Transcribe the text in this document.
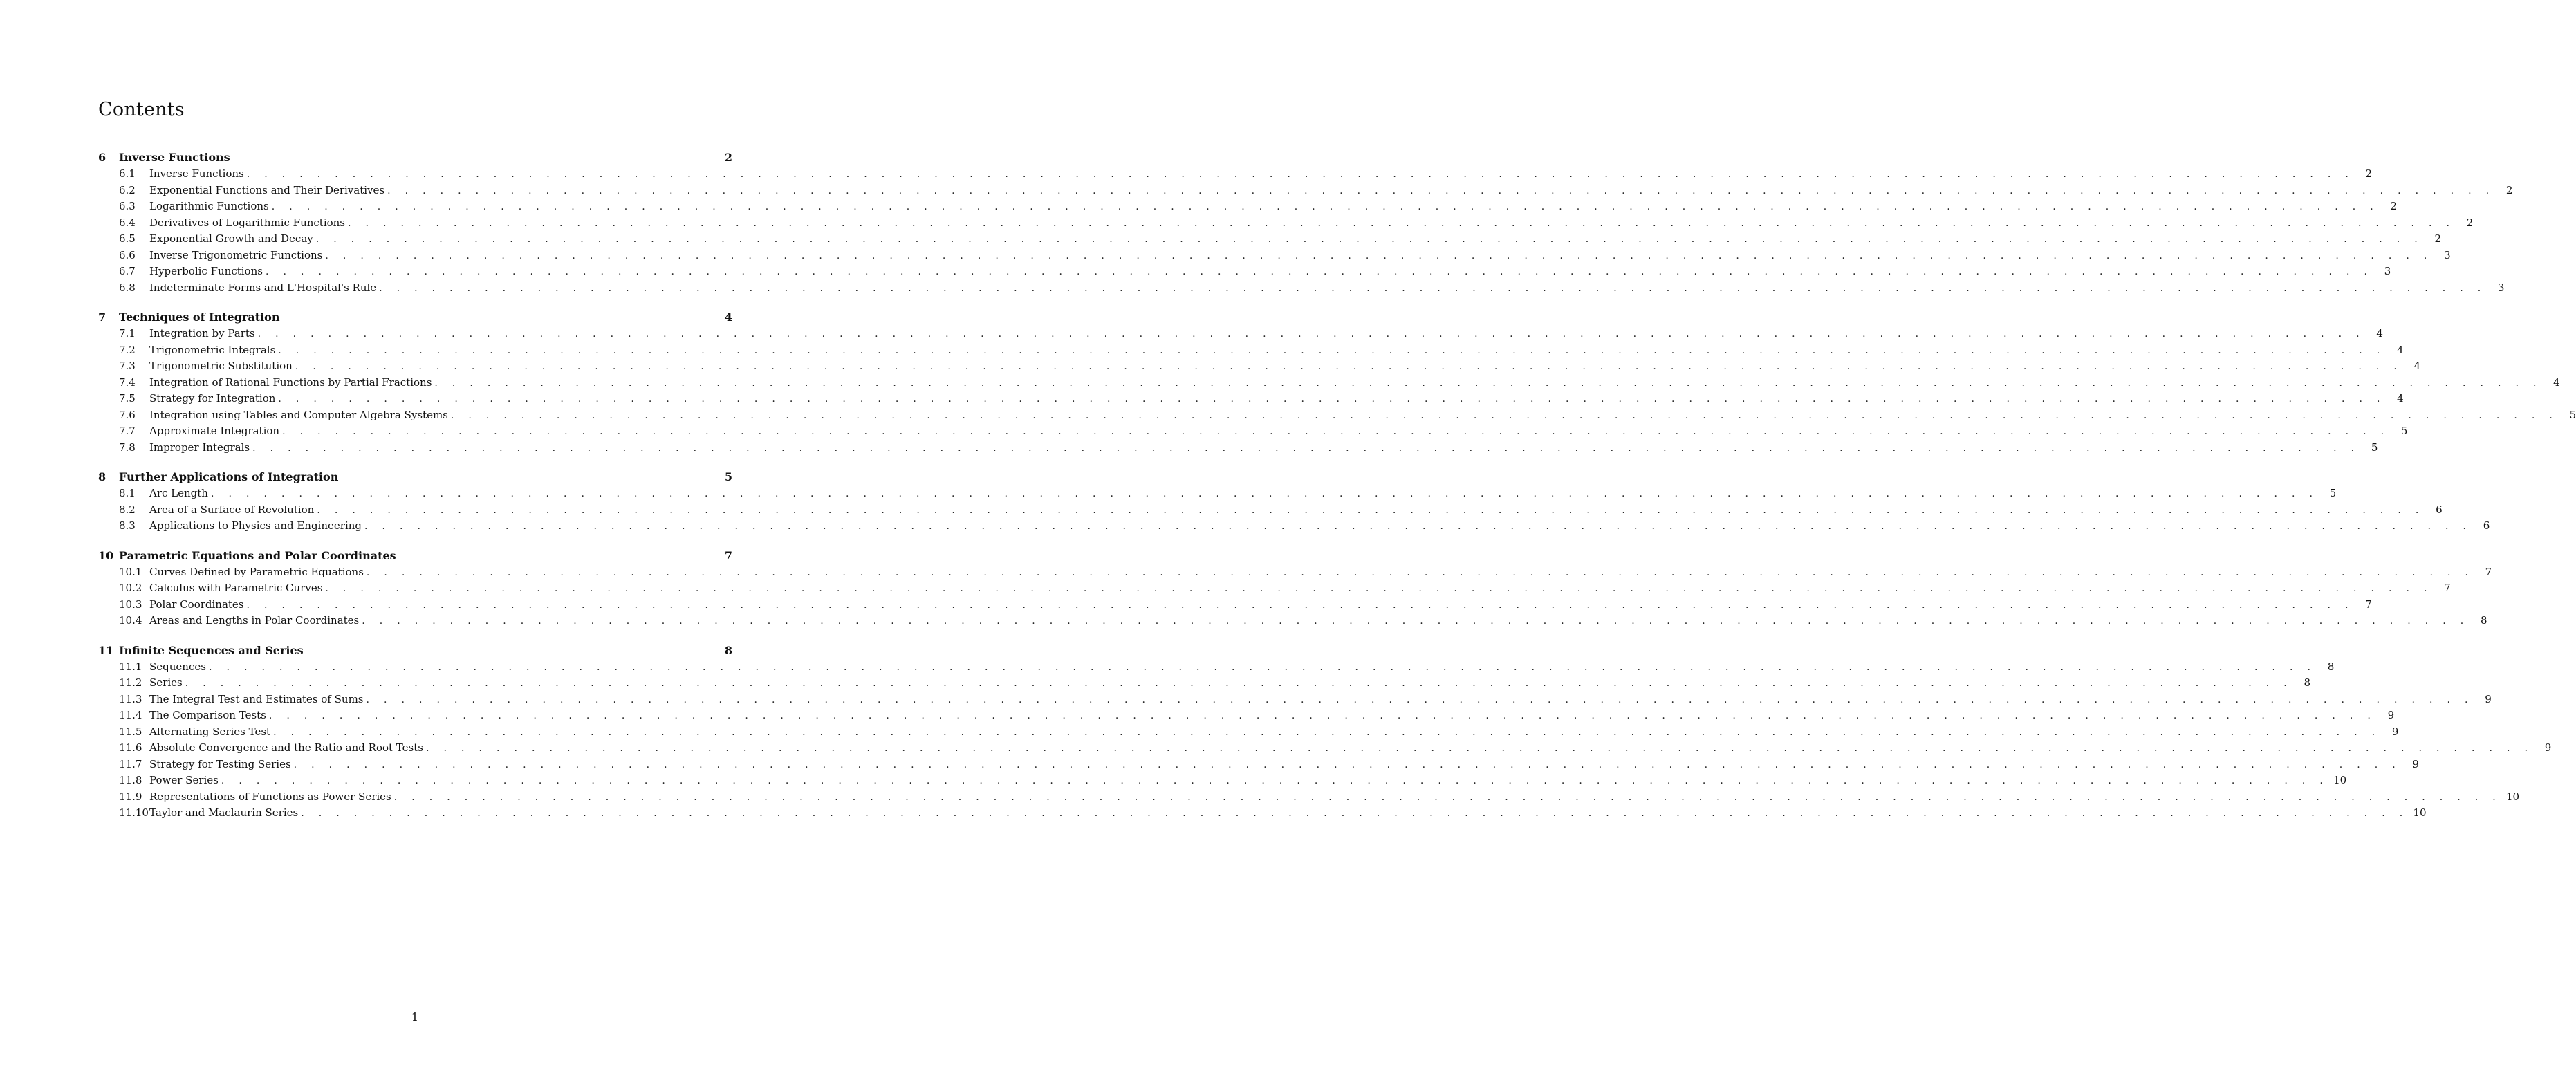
Contents
6	Inverse Functions	2
6.1	Inverse Functions . . . . . . . . . . . . . . . . . . . . . . . . . . . . . . . . . . . . . . . . . . . . . . . . . . . . . . . . . . . . . . . . . . . . . . . . . . . . . . . . . . . . . . . . . . . . . . . . . . . . . . . . . . . . . . . . . . . . . . . .	2
6.2	Exponential Functions and Their Derivatives . . . . . . . . . . . . . . . . . . . . . . . . . . . . . . . . . . . . . . . . . . . . . . . . . . . . . . . . . . . . . . . . . . . . . . . . . . . . . . . . . . . . . . . . . . . . . . . . . . . . . . . . . . . . . . . . . . . . . . . .	2
6.3	Logarithmic Functions . . . . . . . . . . . . . . . . . . . . . . . . . . . . . . . . . . . . . . . . . . . . . . . . . . . . . . . . . . . . . . . . . . . . . . . . . . . . . . . . . . . . . . . . . . . . . . . . . . . . . . . . . . . . . . . . . . . . . . . .	2
6.4	Derivatives of Logarithmic Functions . . . . . . . . . . . . . . . . . . . . . . . . . . . . . . . . . . . . . . . . . . . . . . . . . . . . . . . . . . . . . . . . . . . . . . . . . . . . . . . . . . . . . . . . . . . . . . . . . . . . . . . . . . . . . . . . . . . . . . . .	2
6.5	Exponential Growth and Decay . . . . . . . . . . . . . . . . . . . . . . . . . . . . . . . . . . . . . . . . . . . . . . . . . . . . . . . . . . . . . . . . . . . . . . . . . . . . . . . . . . . . . . . . . . . . . . . . . . . . . . . . . . . . . . . . . . . . . . . .	2
6.6	Inverse Trigonometric Functions . . . . . . . . . . . . . . . . . . . . . . . . . . . . . . . . . . . . . . . . . . . . . . . . . . . . . . . . . . . . . . . . . . . . . . . . . . . . . . . . . . . . . . . . . . . . . . . . . . . . . . . . . . . . . . . . . . . . . . . .	3
6.7	Hyperbolic Functions . . . . . . . . . . . . . . . . . . . . . . . . . . . . . . . . . . . . . . . . . . . . . . . . . . . . . . . . . . . . . . . . . . . . . . . . . . . . . . . . . . . . . . . . . . . . . . . . . . . . . . . . . . . . . . . . . . . . . . . .	3
6.8	Indeterminate Forms and L'Hospital's Rule . . . . . . . . . . . . . . . . . . . . . . . . . . . . . . . . . . . . . . . . . . . . . . . . . . . . . . . . . . . . . . . . . . . . . . . . . . . . . . . . . . . . . . . . . . . . . . . . . . . . . . . . . . . . . . . . . . . . . . . .	3
7	Techniques of Integration	4
7.1	Integration by Parts . . . . . . . . . . . . . . . . . . . . . . . . . . . . . . . . . . . . . . . . . . . . . . . . . . . . . . . . . . . . . . . . . . . . . . . . . . . . . . . . . . . . . . . . . . . . . . . . . . . . . . . . . . . . . . . . . . . . . . . .	4
7.2	Trigonometric Integrals . . . . . . . . . . . . . . . . . . . . . . . . . . . . . . . . . . . . . . . . . . . . . . . . . . . . . . . . . . . . . . . . . . . . . . . . . . . . . . . . . . . . . . . . . . . . . . . . . . . . . . . . . . . . . . . . . . . . . . . .	4
7.3	Trigonometric Substitution . . . . . . . . . . . . . . . . . . . . . . . . . . . . . . . . . . . . . . . . . . . . . . . . . . . . . . . . . . . . . . . . . . . . . . . . . . . . . . . . . . . . . . . . . . . . . . . . . . . . . . . . . . . . . . . . . . . . . . . .	4
7.4	Integration of Rational Functions by Partial Fractions . . . . . . . . . . . . . . . . . . . . . . . . . . . . . . . . . . . . . . . . . . . . . . . . . . . . . . . . . . . . . . . . . . . . . . . . . . . . . . . . . . . . . . . . . . . . . . . . . . . . . . . . . . . . . . . . . . . . . . . .	4
7.5	Strategy for Integration . . . . . . . . . . . . . . . . . . . . . . . . . . . . . . . . . . . . . . . . . . . . . . . . . . . . . . . . . . . . . . . . . . . . . . . . . . . . . . . . . . . . . . . . . . . . . . . . . . . . . . . . . . . . . . . . . . . . . . . .	4
7.6	Integration using Tables and Computer Algebra Systems . . . . . . . . . . . . . . . . . . . . . . . . . . . . . . . . . . . . . . . . . . . . . . . . . . . . . . . . . . . . . . . . . . . . . . . . . . . . . . . . . . . . . . . . . . . . . . . . . . . . . . . . . . . . . . . . . . . . . . . .	5
7.7	Approximate Integration . . . . . . . . . . . . . . . . . . . . . . . . . . . . . . . . . . . . . . . . . . . . . . . . . . . . . . . . . . . . . . . . . . . . . . . . . . . . . . . . . . . . . . . . . . . . . . . . . . . . . . . . . . . . . . . . . . . . . . . .	5
7.8	Improper Integrals . . . . . . . . . . . . . . . . . . . . . . . . . . . . . . . . . . . . . . . . . . . . . . . . . . . . . . . . . . . . . . . . . . . . . . . . . . . . . . . . . . . . . . . . . . . . . . . . . . . . . . . . . . . . . . . . . . . . . . . .	5
8	Further Applications of Integration	5
8.1	Arc Length . . . . . . . . . . . . . . . . . . . . . . . . . . . . . . . . . . . . . . . . . . . . . . . . . . . . . . . . . . . . . . . . . . . . . . . . . . . . . . . . . . . . . . . . . . . . . . . . . . . . . . . . . . . . . . . . . . . . . . . .	5
8.2	Area of a Surface of Revolution . . . . . . . . . . . . . . . . . . . . . . . . . . . . . . . . . . . . . . . . . . . . . . . . . . . . . . . . . . . . . . . . . . . . . . . . . . . . . . . . . . . . . . . . . . . . . . . . . . . . . . . . . . . . . . . . . . . . . . . .	6
8.3	Applications to Physics and Engineering . . . . . . . . . . . . . . . . . . . . . . . . . . . . . . . . . . . . . . . . . . . . . . . . . . . . . . . . . . . . . . . . . . . . . . . . . . . . . . . . . . . . . . . . . . . . . . . . . . . . . . . . . . . . . . . . . . . . . . . .	6
10 Parametric Equations and Polar Coordinates	7
10.1 Curves Defined by Parametric Equations . . . . . . . . . . . . . . . . . . . . . . . . . . . . . . . . . . . . . . . . . . . . . . . . . . . . . . . . . . . . . . . . . . . . . . . . . . . . . . . . . . . . . . . . . . . . . . . . . . . . . . . . . . . . . . . . . . . . . . . .	7
10.2 Calculus with Parametric Curves . . . . . . . . . . . . . . . . . . . . . . . . . . . . . . . . . . . . . . . . . . . . . . . . . . . . . . . . . . . . . . . . . . . . . . . . . . . . . . . . . . . . . . . . . . . . . . . . . . . . . . . . . . . . . . . . . . . . . . . .	7
10.3 Polar Coordinates . . . . . . . . . . . . . . . . . . . . . . . . . . . . . . . . . . . . . . . . . . . . . . . . . . . . . . . . . . . . . . . . . . . . . . . . . . . . . . . . . . . . . . . . . . . . . . . . . . . . . . . . . . . . . . . . . . . . . . . .	7
10.4 Areas and Lengths in Polar Coordinates . . . . . . . . . . . . . . . . . . . . . . . . . . . . . . . . . . . . . . . . . . . . . . . . . . . . . . . . . . . . . . . . . . . . . . . . . . . . . . . . . . . . . . . . . . . . . . . . . . . . . . . . . . . . . . . . . . . . . . . .	8
11 Infinite Sequences and Series	8
11.1 Sequences . . . . . . . . . . . . . . . . . . . . . . . . . . . . . . . . . . . . . . . . . . . . . . . . . . . . . . . . . . . . . . . . . . . . . . . . . . . . . . . . . . . . . . . . . . . . . . . . . . . . . . . . . . . . . . . . . . . . . . . .	8
11.2 Series . . . . . . . . . . . . . . . . . . . . . . . . . . . . . . . . . . . . . . . . . . . . . . . . . . . . . . . . . . . . . . . . . . . . . . . . . . . . . . . . . . . . . . . . . . . . . . . . . . . . . . . . . . . . . . . . . . . . . . . .	8
11.3 The Integral Test and Estimates of Sums . . . . . . . . . . . . . . . . . . . . . . . . . . . . . . . . . . . . . . . . . . . . . . . . . . . . . . . . . . . . . . . . . . . . . . . . . . . . . . . . . . . . . . . . . . . . . . . . . . . . . . . . . . . . . . . . . . . . . . . .	9
11.4 The Comparison Tests . . . . . . . . . . . . . . . . . . . . . . . . . . . . . . . . . . . . . . . . . . . . . . . . . . . . . . . . . . . . . . . . . . . . . . . . . . . . . . . . . . . . . . . . . . . . . . . . . . . . . . . . . . . . . . . . . . . . . . . .	9
11.5 Alternating Series Test . . . . . . . . . . . . . . . . . . . . . . . . . . . . . . . . . . . . . . . . . . . . . . . . . . . . . . . . . . . . . . . . . . . . . . . . . . . . . . . . . . . . . . . . . . . . . . . . . . . . . . . . . . . . . . . . . . . . . . . .	9
11.6 Absolute Convergence and the Ratio and Root Tests . . . . . . . . . . . . . . . . . . . . . . . . . . . . . . . . . . . . . . . . . . . . . . . . . . . . . . . . . . . . . . . . . . . . . . . . . . . . . . . . . . . . . . . . . . . . . . . . . . . . . . . . . . . . . . . . . . . . . . . .	9
11.7 Strategy for Testing Series . . . . . . . . . . . . . . . . . . . . . . . . . . . . . . . . . . . . . . . . . . . . . . . . . . . . . . . . . . . . . . . . . . . . . . . . . . . . . . . . . . . . . . . . . . . . . . . . . . . . . . . . . . . . . . . . . . . . . . . .	9
11.8 Power Series . . . . . . . . . . . . . . . . . . . . . . . . . . . . . . . . . . . . . . . . . . . . . . . . . . . . . . . . . . . . . . . . . . . . . . . . . . . . . . . . . . . . . . . . . . . . . . . . . . . . . . . . . . . . . . . . . . . . . . . . 10
11.9 Representations of Functions as Power Series . . . . . . . . . . . . . . . . . . . . . . . . . . . . . . . . . . . . . . . . . . . . . . . . . . . . . . . . . . . . . . . . . . . . . . . . . . . . . . . . . . . . . . . . . . . . . . . . . . . . . . . . . . . . . . . . . . . . . . . . 10
11.10 Taylor and Maclaurin Series . . . . . . . . . . . . . . . . . . . . . . . . . . . . . . . . . . . . . . . . . . . . . . . . . . . . . . . . . . . . . . . . . . . . . . . . . . . . . . . . . . . . . . . . . . . . . . . . . . . . . . . . . . . . . . . . . . . . . . . . 10
1
